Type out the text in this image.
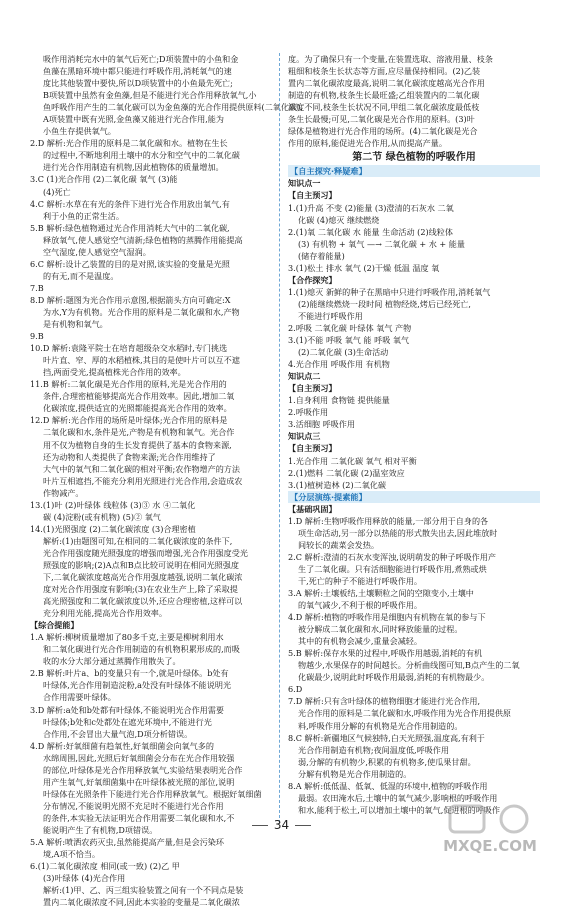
吸作用消耗完水中的氧气后死亡;D项装置中的小鱼和金
鱼藻在黑暗环境中都只能进行呼吸作用,消耗氧气的速
度比其他装置中要快,所以D项装置中的小鱼最先死亡;
B项装置中虽然有金鱼藻,但是不能进行光合作用释放氧气,小
鱼呼吸作用产生的二氧化碳可以为金鱼藻的光合作用提供原料(二氧化碳),
A项装置中既有光照,金鱼藻又能进行光合作用,能为
小鱼生存提供氧气。
2.D 解析:光合作用的原料是二氧化碳和水。植物在生长
的过程中,不断地利用土壤中的水分和空气中的二氧化碳
进行光合作用制造有机物,因此植物体的质量增加。
3.C (1)光合作用 (2)二氧化碳 氧气 (3)能
(4)死亡
4.C 解析:水草在有光的条件下进行光合作用放出氧气,有
利于小鱼的正常生活。
5.B 解析:绿色植物通过光合作用消耗大气中的二氧化碳,
释放氧气,使人感觉空气清新;绿色植物的蒸腾作用能提高
空气湿度,使人感觉空气湿润。
6.C 解析:设计乙装置的目的是对照,该实验的变量是光照
的有无,而不是温度。
7.B
8.D 解析:题图为光合作用示意图,根据箭头方向可确定:X
为水,Y为有机物。光合作用的原料是二氧化碳和水,产物
是有机物和氧气。
9.B
10.D 解析:袁隆平院士在培育超级杂交水稻时,专门挑选
叶片直、窄、厚的水稻植株,其目的是使叶片可以互不遮
挡,两面受光,提高植株光合作用的效率。
11.B 解析:二氧化碳是光合作用的原料,光是光合作用的
条件,合理密植能够提高光合作用效率。因此,增加二氧
化碳浓度,提供适宜的光照都能提高光合作用的效率。
12.D 解析:光合作用的场所是叶绿体;光合作用的原料是
二氧化碳和水,条件是光,产物是有机物和氧气。光合作
用不仅为植物自身的生长发育提供了基本的食物来源,
还为动物和人类提供了食物来源;光合作用维持了
大气中的氧气和二氧化碳的相对平衡;农作物增产的方法
叶片互相遮挡,不能充分利用光照进行光合作用,会造成农
作物减产。
13.(1)叶 (2)叶绿体 线粒体 (3)③ 水 ④二氧化
碳 (4)淀粉(或有机物) (5)② 氧气
14.(1)光照强度 (2)二氧化碳浓度 (3)合理密植
解析:(1)由题图可知,在相同的二氧化碳浓度的条件下,
光合作用强度随光照强度的增强而增强,光合作用强度受光
照强度的影响;(2)A点和B点比较可说明在相同光照强度
下,二氧化碳浓度越高光合作用强度越强,说明二氧化碳浓
度对光合作用强度有影响;(3)在农业生产上,除了采取提
高光照强度和二氧化碳浓度以外,还应合理密植,这样可以
充分利用光能,提高光合作用效率。
【综合提能】
1.A 解析:柳树质量增加了80多千克,主要是柳树利用水
和二氧化碳进行光合作用制造的有机物积累形成的,而吸
收的水分大部分通过蒸腾作用散失了。
2.B 解析:叶片a、b的变量只有一个,就是叶绿体。b处有
叶绿体,光合作用制造淀粉,a处没有叶绿体不能说明光
合作用需要叶绿体。
3.D 解析:a处和b处都有叶绿体,不能说明光合作用需要
叶绿体;b处和c处都处在遮光环境中,不能进行光
合作用,不会冒出大量气泡,D项分析错误。
4.D 解析:好氧细菌有趋氧性,好氧细菌会向氧气多的
水绵周围,因此,光照后好氧细菌会分布在光合作用较强
的部位,叶绿体是光合作用释放氧气,实验结果表明光合作
用产生氧气,好氧细菌集中在叶绿体被光照的部位,说明
叶绿体在光照条件下能进行光合作用释放氧气。根据好氧细菌
分布情况,不能说明光照不充足时不能进行光合作用
的条件,本实验无法证明光合作用需要二氧化碳和水,不
能说明产生了有机物,D项错误。
5.A 解析:喷洒农药灭虫,虽然能提高产量,但是会污染环
境,A项不恰当。
6.(1)二氧化碳浓度 相同(或一致) (2)乙 甲
(3)叶绿体 (4)光合作用
解析:(1)甲、乙、丙三组实验装置之间有一个不同点是装
置内二氧化碳浓度不同,因此本实验的变量是二氧化碳浓
度。为了确保只有一个变量,在装置选取、溶液用量、枝条
粗细和枝条生长状态等方面,应尽量保持相同。(2)乙装
置内二氧化碳浓度最高,说明二氧化碳浓度越高光合作用
制造的有机物,枝条生长最旺盛;乙组装置内的二氧化碳
浓度不同,枝条生长状况不同,甲组二氧化碳浓度最低枝
条生长最慢;可见,二氧化碳是光合作用的原料。(3)叶
绿体是植物进行光合作用的场所。(4)二氧化碳是光合
作用的原料,能促进光合作用,从而提高产量。
第二节 绿色植物的呼吸作用
【自主探究·释疑难】
知识点一
【自主预习】
1.(1)升高 不变 (2)能量 (3)澄清的石灰水 二氧
化碳 (4)熄灭 继续燃烧
2.(1)氧 二氧化碳 水 能量 生命活动 (2)线粒体
(3) 有机物 + 氧气 —→ 二氧化碳 + 水 + 能量
(储存着能量)
3.(1)松土 排水 氧气 (2)干燥 低温 温度 氧
【合作探究】
1.(1)熄灭 新鲜的种子在黑暗中只进行呼吸作用,消耗氧气
(2)能继续燃烧一段时间 植物经烧,烤后已经死亡,
不能进行呼吸作用
2.呼吸 二氧化碳 叶绿体 氧气 产物
3.(1)不能 呼吸 氧气 能 呼吸 氧气
(2)二氧化碳 (3)生命活动
4.光合作用 呼吸作用 有机物
知识点二
【自主预习】
1.自身利用 食物链 提供能量
2.呼吸作用
3.活细胞 呼吸作用
知识点三
【自主预习】
1.光合作用 二氧化碳 氧气 相对平衡
2.(1)燃料 二氧化碳 (2)温室效应
3.(1)植树造林 (2)二氧化碳
【分层演练·提素能】
【基础巩固】
1.D 解析:生物呼吸作用释放的能量,一部分用于自身的各
项生命活动,另一部分以热能的形式散失出去,因此堆放时
间较长的蔬菜会发热。
2.C 解析:澄清的石灰水变浑浊,说明萌发的种子呼吸作用产
生了二氧化碳。只有活细胞能进行呼吸作用,煮熟或烘
干,死亡的种子不能进行呼吸作用。
3.A 解析:土壤板结,土壤颗粒之间的空隙变小,土壤中
的氧气减少,不利于根的呼吸作用。
4.D 解析:植物的呼吸作用是细胞内有机物在氧的参与下
被分解成二氧化碳和水,同时释放能量的过程。
其中的有机物会减少,重量会减轻。
5.B 解析:保存水果的过程中,呼吸作用越弱,消耗的有机
物越少,水果保存的时间越长。分析曲线图可知,B点产生的二氧
化碳最少,说明此时呼吸作用最弱,消耗的有机物最少。
6.D
7.D 解析:只有含叶绿体的植物细胞才能进行光合作用,
光合作用的原料是二氧化碳和水,呼吸作用为光合作用提供原
料,呼吸作用分解的有机物是光合作用制造的。
8.C 解析:新疆地区气候独特,白天光照强,温度高,有利于
光合作用制造有机物;夜间温度低,呼吸作用
弱,分解的有机物少,积累的有机物多,使瓜果甘甜。
分解有机物是光合作用制造的。
8.A 解析:低低温、低氧、低湿的环境中,植物的呼吸作用
最弱。农田淹水后,土壤中的氧气减少,影响根的呼吸作用
和水,能利于松土,可以增加土壤中的氧气,促进根的呼吸作
34
MXQE.COM
